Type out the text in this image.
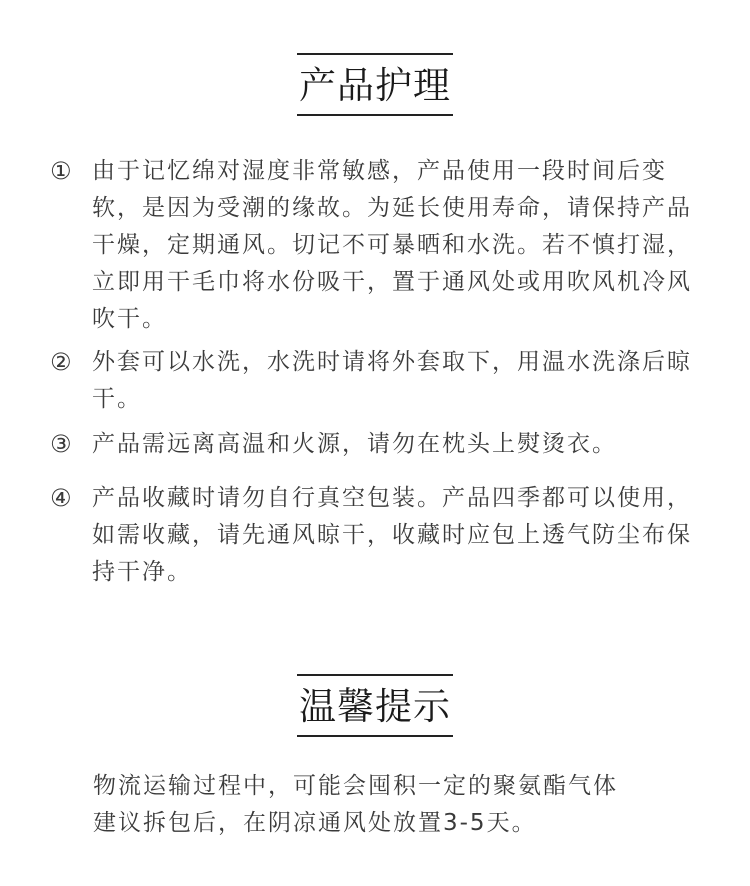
产品护理
① 由于记忆绵对湿度非常敏感，产品使用一段时间后变软，是因为受潮的缘故。为延长使用寿命，请保持产品干燥，定期通风。切记不可暴晒和水洗。若不慎打湿，立即用干毛巾将水份吸干，置于通风处或用吹风机冷风吹干。
② 外套可以水洗，水洗时请将外套取下，用温水洗涤后晾干。
③ 产品需远离高温和火源，请勿在枕头上熨烫衣。
④ 产品收藏时请勿自行真空包装。产品四季都可以使用，如需收藏，请先通风晾干，收藏时应包上透气防尘布保持干净。
温馨提示
物流运输过程中，可能会囤积一定的聚氨酯气体
建议拆包后，在阴凉通风处放置3-5天。
